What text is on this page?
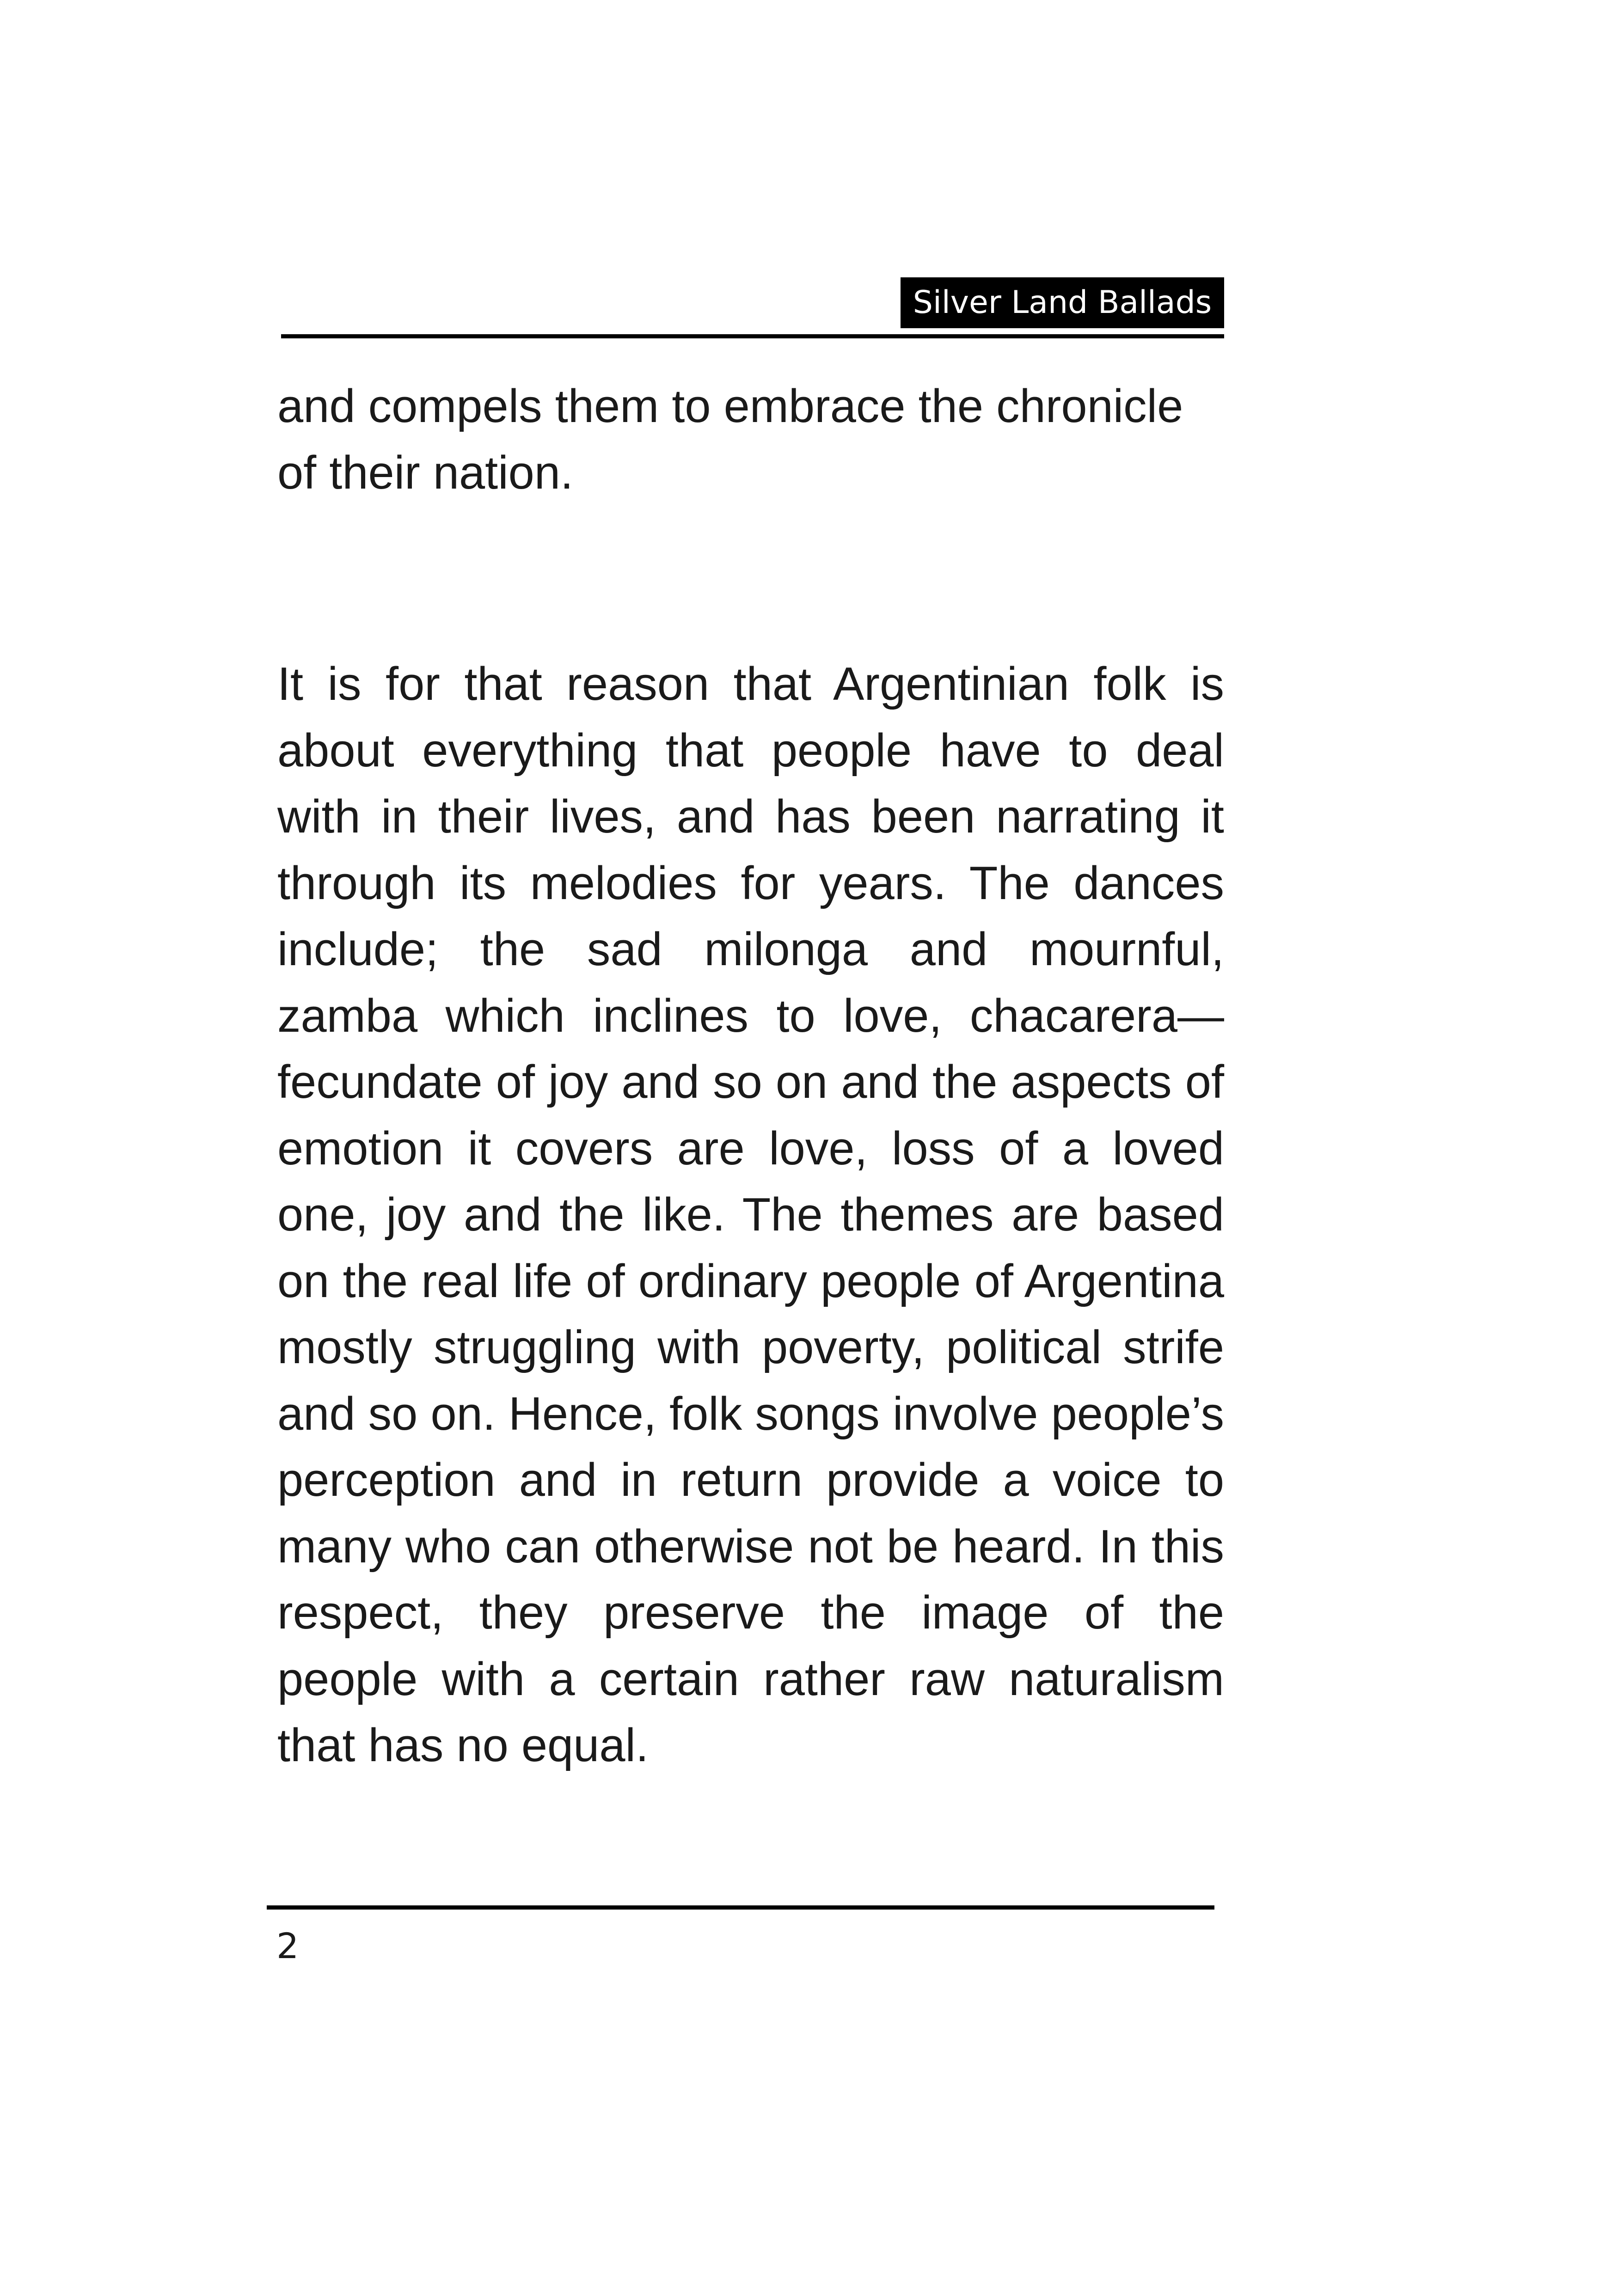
Silver Land Ballads

and compels them to embrace the chronicle of their nation.

It is for that reason that Argentinian folk is about everything that people have to deal with in their lives, and has been narrating it through its melodies for years. The dances include; the sad milonga and mournful, zamba which inclines to love, chacarera—fecundate of joy and so on and the aspects of emotion it covers are love, loss of a loved one, joy and the like. The themes are based on the real life of ordinary people of Argentina mostly struggling with poverty, political strife and so on. Hence, folk songs involve people’s perception and in return provide a voice to many who can otherwise not be heard. In this respect, they preserve the image of the people with a certain rather raw naturalism that has no equal.

2
